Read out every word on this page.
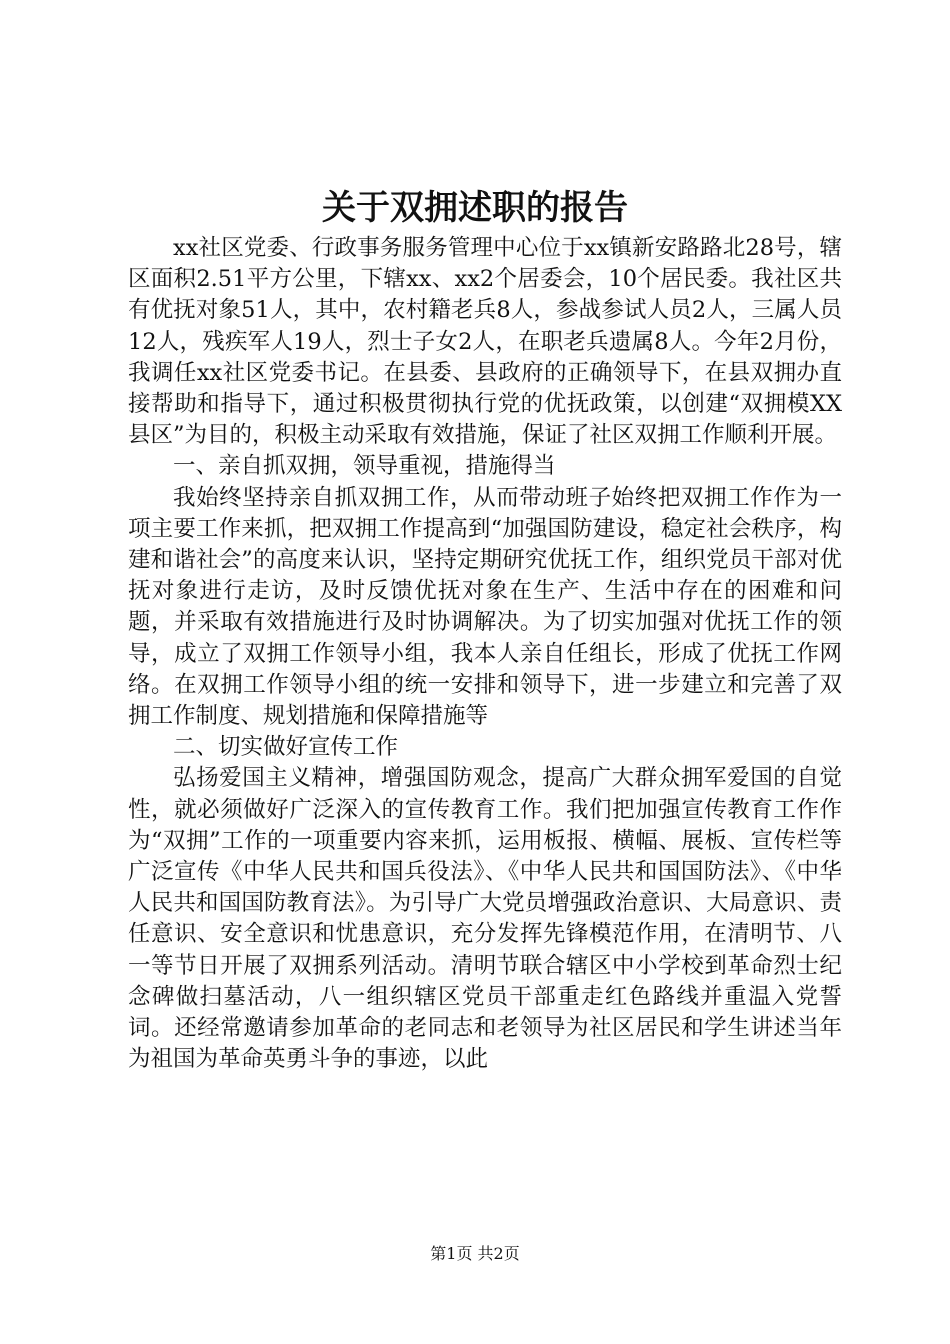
关于双拥述职的报告

xx社区党委、行政事务服务管理中心位于xx镇新安路路北28号，辖区面积2.51平方公里，下辖xx、xx2个居委会，10个居民委。我社区共有优抚对象51人，其中，农村籍老兵8人，参战参试人员2人，三属人员12人，残疾军人19人，烈士子女2人，在职老兵遗属8人。今年2月份，我调任xx社区党委书记。在县委、县政府的正确领导下，在县双拥办直接帮助和指导下，通过积极贯彻执行党的优抚政策，以创建“双拥模XX县区”为目的，积极主动采取有效措施，保证了社区双拥工作顺利开展。

一、亲自抓双拥，领导重视，措施得当

我始终坚持亲自抓双拥工作，从而带动班子始终把双拥工作作为一项主要工作来抓，把双拥工作提高到“加强国防建设，稳定社会秩序，构建和谐社会”的高度来认识，坚持定期研究优抚工作，组织党员干部对优抚对象进行走访，及时反馈优抚对象在生产、生活中存在的困难和问题，并采取有效措施进行及时协调解决。为了切实加强对优抚工作的领导，成立了双拥工作领导小组，我本人亲自任组长，形成了优抚工作网络。在双拥工作领导小组的统一安排和领导下，进一步建立和完善了双拥工作制度、规划措施和保障措施等

二、切实做好宣传工作

弘扬爱国主义精神，增强国防观念，提高广大群众拥军爱国的自觉性，就必须做好广泛深入的宣传教育工作。我们把加强宣传教育工作作为“双拥”工作的一项重要内容来抓，运用板报、横幅、展板、宣传栏等广泛宣传《中华人民共和国兵役法》、《中华人民共和国国防法》、《中华人民共和国国防教育法》。为引导广大党员增强政治意识、大局意识、责任意识、安全意识和忧患意识，充分发挥先锋模范作用，在清明节、八一等节日开展了双拥系列活动。清明节联合辖区中小学校到革命烈士纪念碑做扫墓活动，八一组织辖区党员干部重走红色路线并重温入党誓词。还经常邀请参加革命的老同志和老领导为社区居民和学生讲述当年为祖国为革命英勇斗争的事迹，以此

第1页 共2页
